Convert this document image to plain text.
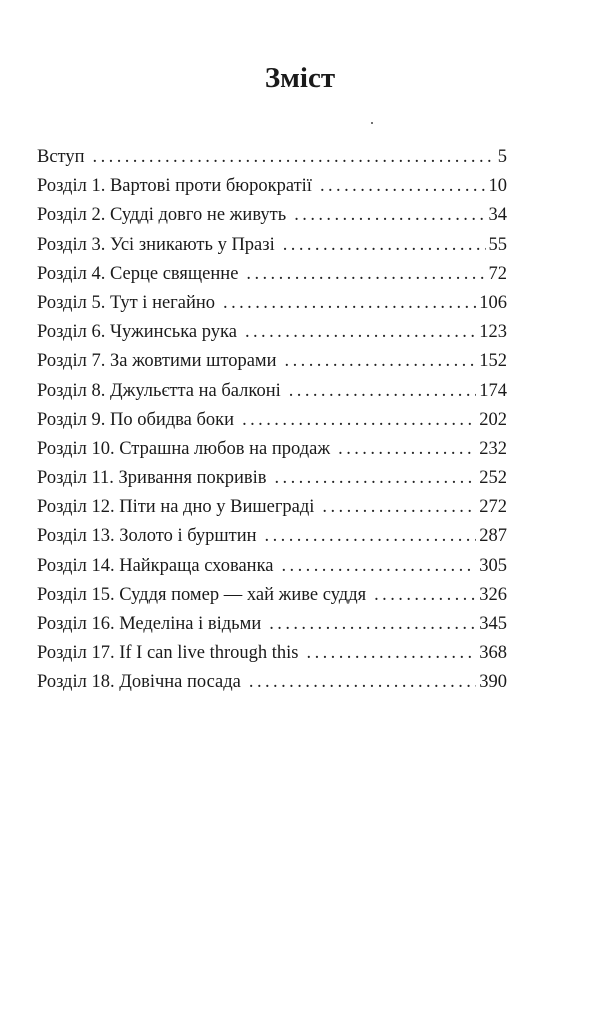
Зміст
Вступ . . .	5
Розділ 1. Вартові проти бюрократії . . .	10
Розділ 2. Судді довго не живуть . . .	34
Розділ 3. Усі зникають у Празі . . .	55
Розділ 4. Серце священне . . .	72
Розділ 5. Тут і негайно . . .	106
Розділ 6. Чужинська рука . . .	123
Розділ 7. За жовтими шторами . . .	152
Розділ 8. Джульєтта на балконі . . .	174
Розділ 9. По обидва боки . . .	202
Розділ 10. Страшна любов на продаж . . .	232
Розділ 11. Зривання покривів . . .	252
Розділ 12. Піти на дно у Вишеграді . . .	272
Розділ 13. Золото і бурштин . . .	287
Розділ 14. Найкраща схованка . . .	305
Розділ 15. Суддя помер — хай живе суддя . . .	326
Розділ 16. Меделіна і відьми . . .	345
Розділ 17. If I can live through this . . .	368
Розділ 18. Довічна посада . . .	390
